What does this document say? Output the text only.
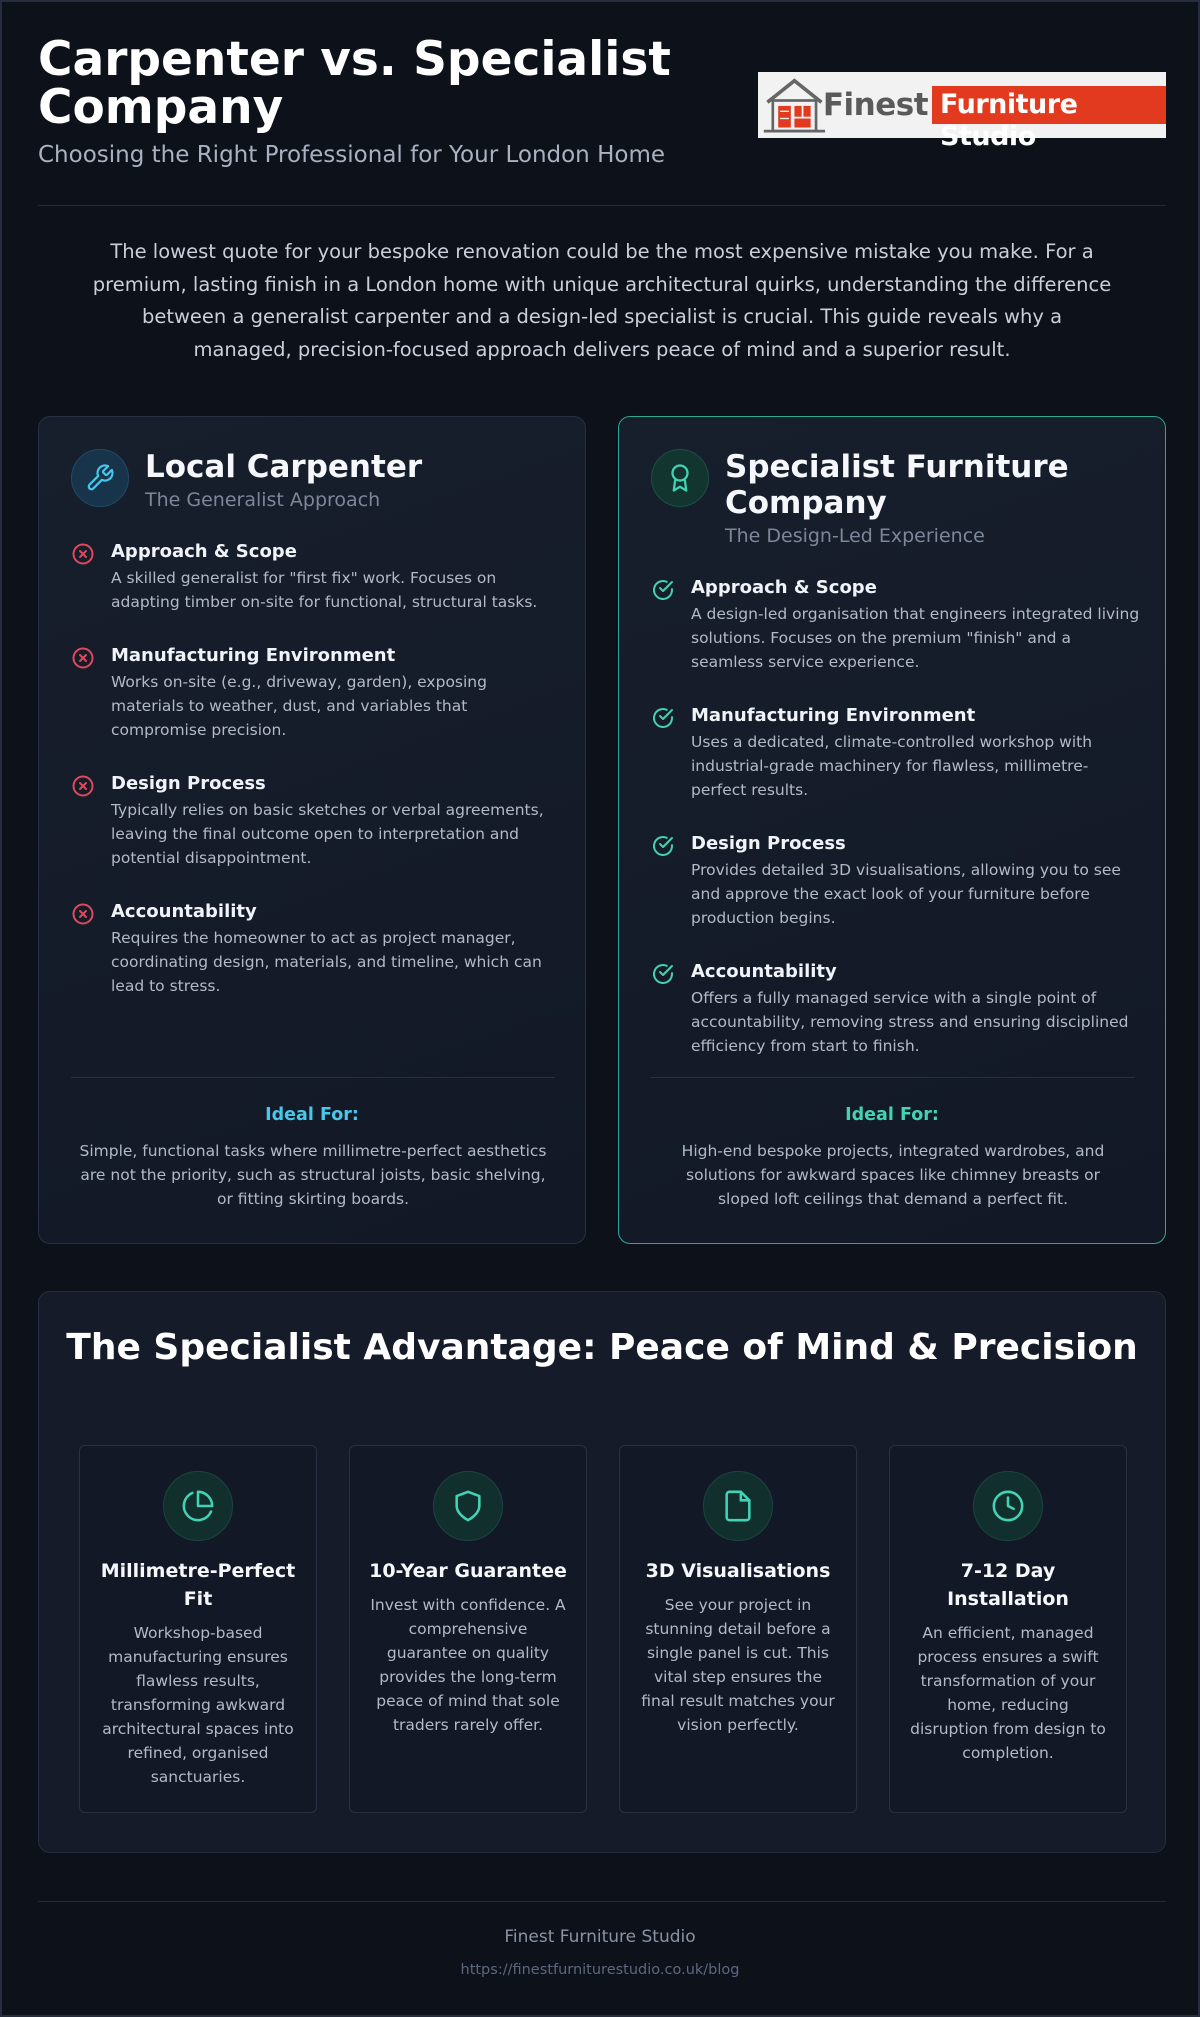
Carpenter vs. Specialist Company
Choosing the Right Professional for Your London Home
Finest Furniture Studio

The lowest quote for your bespoke renovation could be the most expensive mistake you make. For a premium, lasting finish in a London home with unique architectural quirks, understanding the difference between a generalist carpenter and a design-led specialist is crucial. This guide reveals why a managed, precision-focused approach delivers peace of mind and a superior result.

Local Carpenter
The Generalist Approach
Approach & Scope
A skilled generalist for "first fix" work. Focuses on adapting timber on-site for functional, structural tasks.
Manufacturing Environment
Works on-site (e.g., driveway, garden), exposing materials to weather, dust, and variables that compromise precision.
Design Process
Typically relies on basic sketches or verbal agreements, leaving the final outcome open to interpretation and potential disappointment.
Accountability
Requires the homeowner to act as project manager, coordinating design, materials, and timeline, which can lead to stress.
Ideal For:
Simple, functional tasks where millimetre-perfect aesthetics are not the priority, such as structural joists, basic shelving, or fitting skirting boards.
Specialist Furniture Company
The Design-Led Experience
Approach & Scope
A design-led organisation that engineers integrated living solutions. Focuses on the premium "finish" and a seamless service experience.
Manufacturing Environment
Uses a dedicated, climate-controlled workshop with industrial-grade machinery for flawless, millimetre-perfect results.
Design Process
Provides detailed 3D visualisations, allowing you to see and approve the exact look of your furniture before production begins.
Accountability
Offers a fully managed service with a single point of accountability, removing stress and ensuring disciplined efficiency from start to finish.
Ideal For:
High-end bespoke projects, integrated wardrobes, and solutions for awkward spaces like chimney breasts or sloped loft ceilings that demand a perfect fit.
The Specialist Advantage: Peace of Mind & Precision
Millimetre-Perfect Fit
Workshop-based manufacturing ensures flawless results, transforming awkward architectural spaces into refined, organised sanctuaries.
10-Year Guarantee
Invest with confidence. A comprehensive guarantee on quality provides the long-term peace of mind that sole traders rarely offer.
3D Visualisations
See your project in stunning detail before a single panel is cut. This vital step ensures the final result matches your vision perfectly.
7-12 Day Installation
An efficient, managed process ensures a swift transformation of your home, reducing disruption from design to completion.
Finest Furniture Studio
https://finestfurniturestudio.co.uk/blog
